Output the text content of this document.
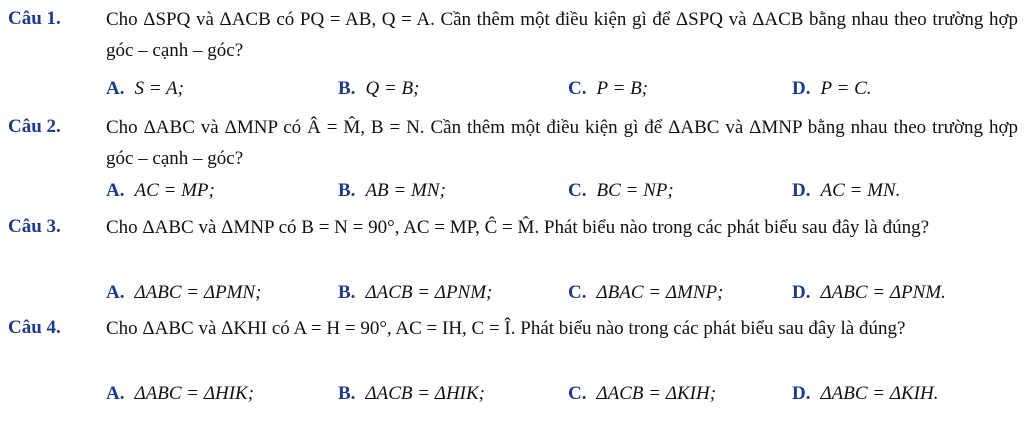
Câu 1. Cho ΔSPQ và ΔACB có PQ = AB, Q = A. Cần thêm một điều kiện gì để ΔSPQ và ΔACB bằng nhau theo trường hợp góc – cạnh – góc?
A. S = A;	B. Q = B;	C. P = B;	D. P = C.
Câu 2. Cho ΔABC và ΔMNP có Â = M̂, B = N. Cần thêm một điều kiện gì để ΔABC và ΔMNP bằng nhau theo trường hợp góc – cạnh – góc?
A. AC = MP;	B. AB = MN;	C. BC = NP;	D. AC = MN.
Câu 3. Cho ΔABC và ΔMNP có B = N = 90°, AC = MP, Ĉ = M̂. Phát biểu nào trong các phát biểu sau đây là đúng?
A. ΔABC = ΔPMN;	B. ΔACB = ΔPNM;	C. ΔBAC = ΔMNP;	D. ΔABC = ΔPNM.
Câu 4. Cho ΔABC và ΔKHI có A = H = 90°, AC = IH, C = Î. Phát biểu nào trong các phát biểu sau đây là đúng?
A. ΔABC = ΔHIK;	B. ΔACB = ΔHIK;	C. ΔACB = ΔKIH;	D. ΔABC = ΔKIH.
